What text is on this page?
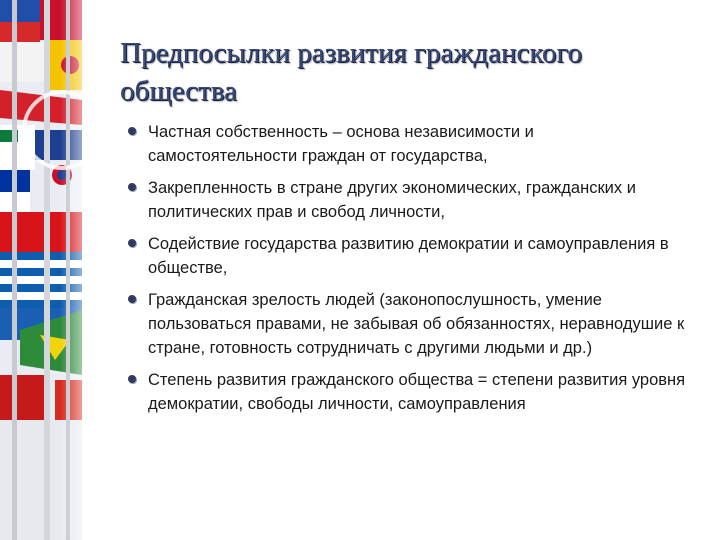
Предпосылки развития гражданского общества
Частная собственность – основа независимости и самостоятельности граждан от государства,
Закрепленность в стране других экономических, гражданских и политических прав и свобод личности,
Содействие государства развитию демократии и самоуправления в обществе,
Гражданская зрелость людей (законопослушность, умение пользоваться правами, не забывая об обязанностях, неравнодушие к стране, готовность сотрудничать с другими людьми и др.)
Степень развития гражданского общества = степени развития уровня демократии, свободы личности, самоуправления
